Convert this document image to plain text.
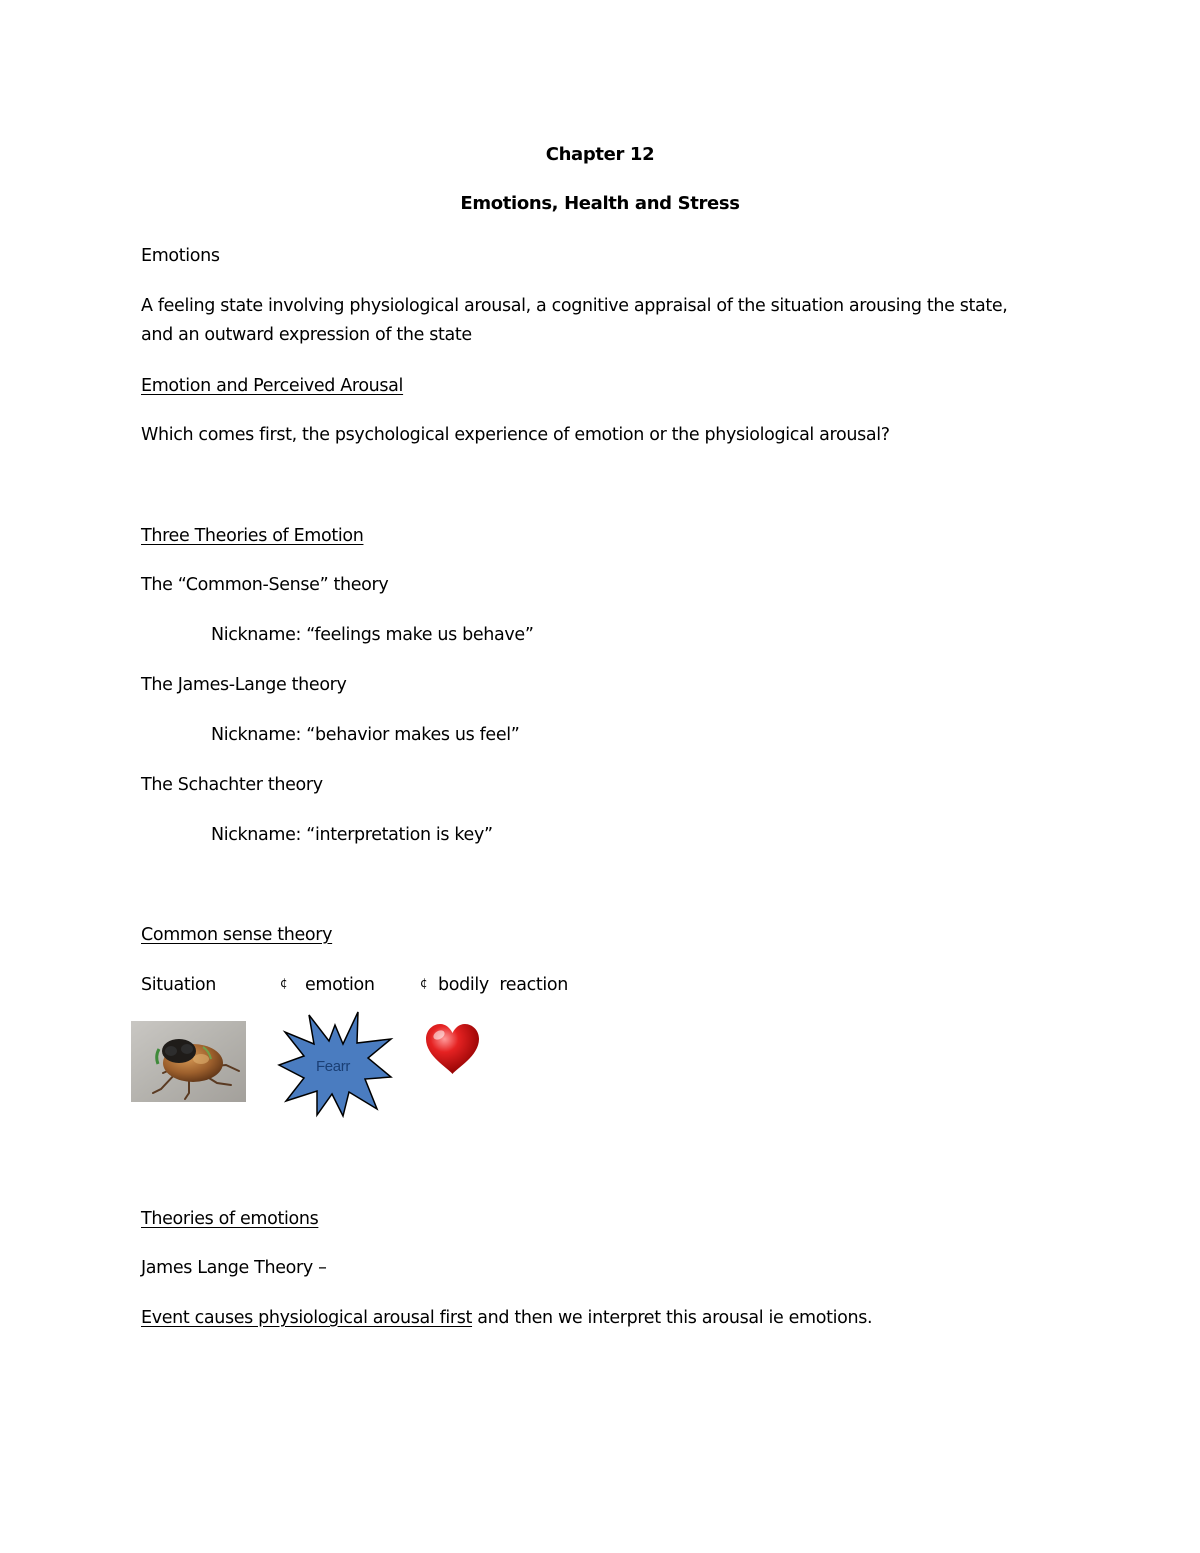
Chapter 12
Emotions, Health and Stress
Emotions
A feeling state involving physiological arousal, a cognitive appraisal of the situation arousing the state,
and an outward expression of the state
Emotion and Perceived Arousal
Which comes first, the psychological experience of emotion or the physiological arousal?
Three Theories of Emotion
The “Common-Sense” theory
Nickname: “feelings make us behave”
The James-Lange theory
Nickname: “behavior makes us feel”
The Schachter theory
Nickname: “interpretation is key”
Common sense theory
Situation	¢ emotion	¢ bodily  reaction
Fearr
Theories of emotions
James Lange Theory –
Event causes physiological arousal first and then we interpret this arousal ie emotions.
